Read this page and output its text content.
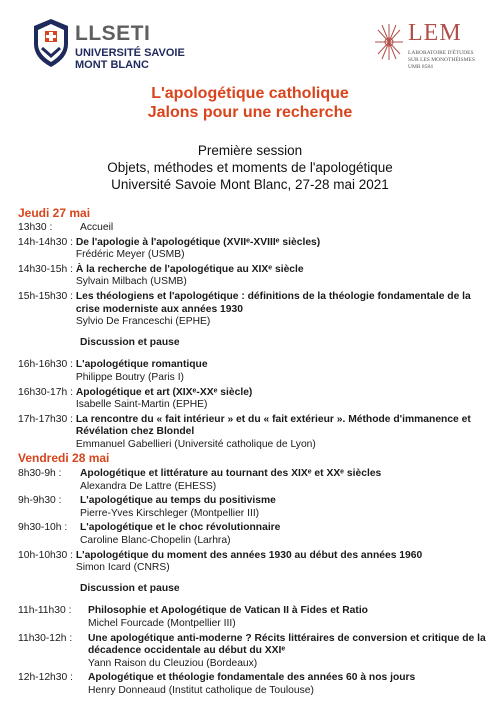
LLSETI
UNIVERSITÉ SAVOIE
MONT BLANC
LEM
LABORATOIRE D'ÉTUDES
SUR LES MONOTHÉISMES
UMR 8584
L'apologétique catholique
Jalons pour une recherche
Première session
Objets, méthodes et moments de l'apologétique
Université Savoie Mont Blanc, 27-28 mai 2021
Jeudi 27 mai
13h30 :	Accueil
14h-14h30 : De l'apologie à l'apologétique (XVIIᵉ-XVIIIᵉ siècles)
Frédéric Meyer (USMB)
14h30-15h : À la recherche de l'apologétique au XIXᵉ siècle
Sylvain Milbach (USMB)
15h-15h30 : Les théologiens et l'apologétique : définitions de la théologie fondamentale de la crise moderniste aux années 1930
Sylvio De Franceschi (EPHE)
Discussion et pause
16h-16h30 : L'apologétique romantique
Philippe Boutry (Paris I)
16h30-17h : Apologétique et art (XIXᵉ-XXᵉ siècle)
Isabelle Saint-Martin (EPHE)
17h-17h30 : La rencontre du « fait intérieur » et du « fait extérieur ». Méthode d'immanence et Révélation chez Blondel
Emmanuel Gabellieri (Université catholique de Lyon)
Vendredi 28 mai
8h30-9h : Apologétique et littérature au tournant des XIXᵉ et XXᵉ siècles
Alexandra De Lattre (EHESS)
9h-9h30 : L'apologétique au temps du positivisme
Pierre-Yves Kirschleger (Montpellier III)
9h30-10h : L'apologétique et le choc révolutionnaire
Caroline Blanc-Chopelin (Larhra)
10h-10h30 : L'apologétique du moment des années 1930 au début des années 1960
Simon Icard (CNRS)
Discussion et pause
11h-11h30 :	Philosophie et Apologétique de Vatican II à Fides et Ratio
Michel Fourcade (Montpellier III)
11h30-12h :	Une apologétique anti-moderne ? Récits littéraires de conversion et critique de la décadence occidentale au début du XXIᵉ
Yann Raison du Cleuziou (Bordeaux)
12h-12h30 :	Apologétique et théologie fondamentale des années 60 à nos jours
Henry Donneaud (Institut catholique de Toulouse)
